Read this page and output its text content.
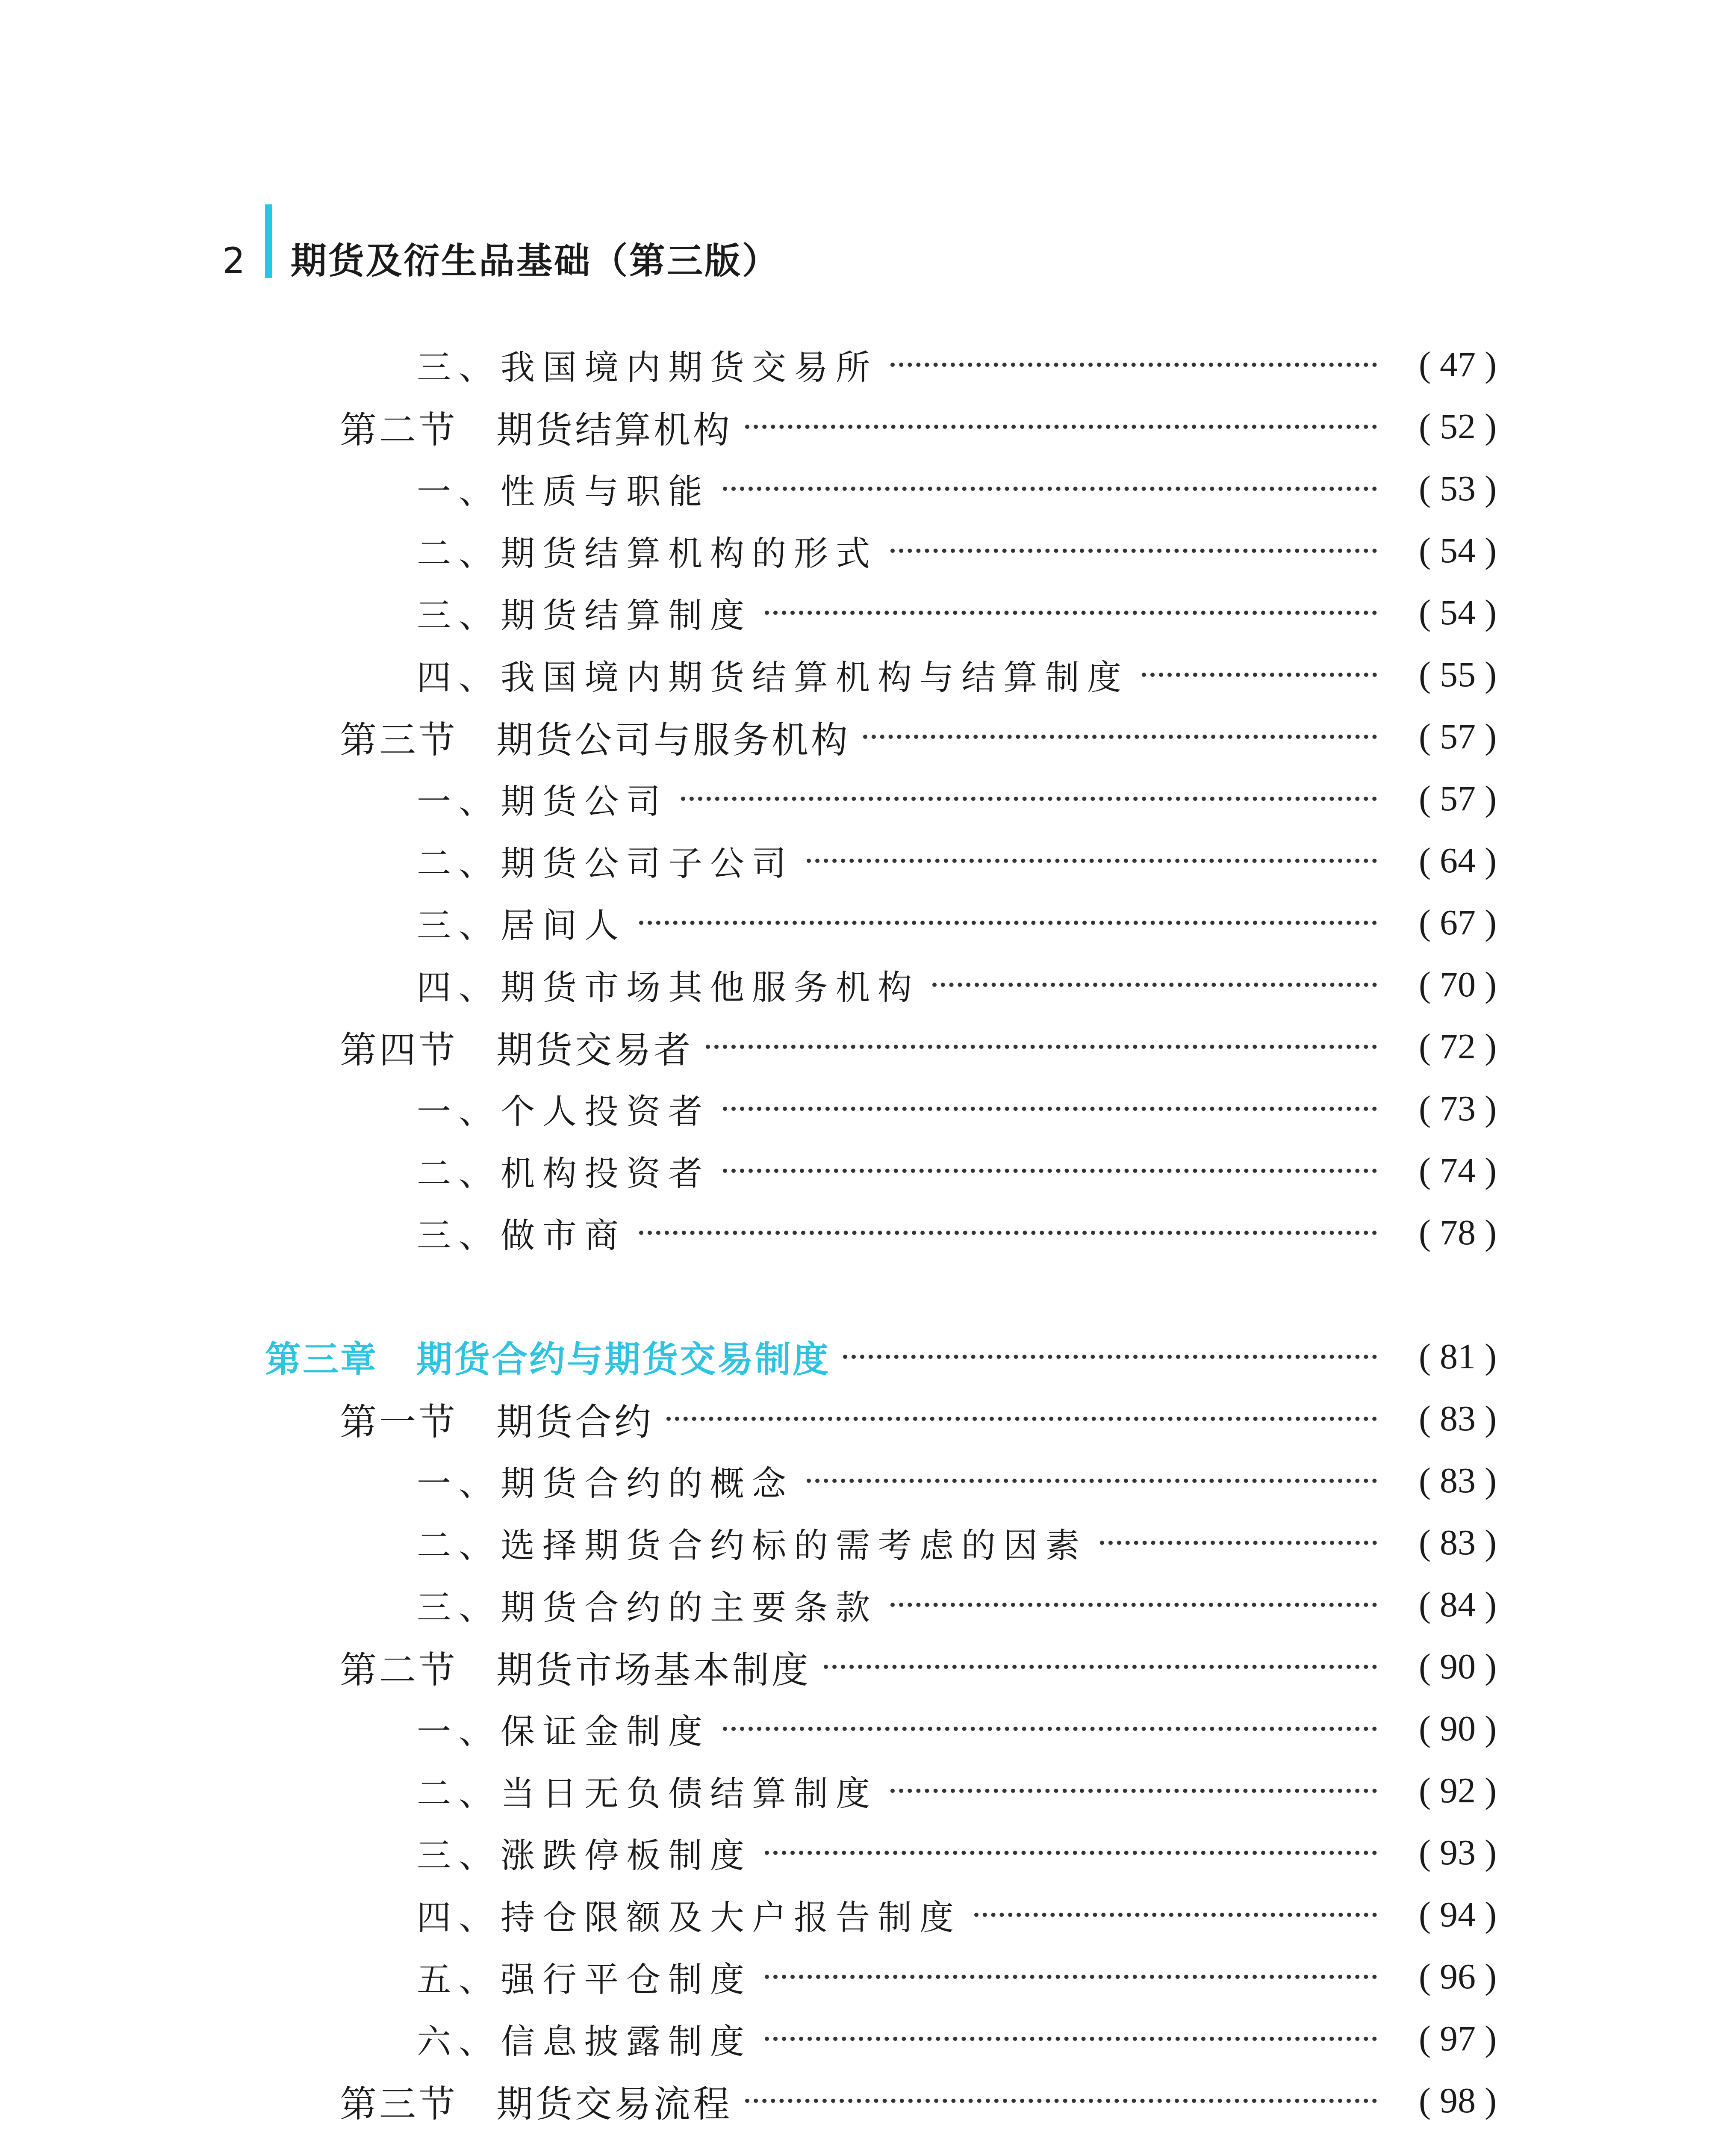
2 期货及衍生品基础（第三版）
三、我国境内期货交易所	( 47 )
第二节 期货结算机构	( 52 )
一、性质与职能	( 53 )
二、期货结算机构的形式	( 54 )
三、期货结算制度	( 54 )
四、我国境内期货结算机构与结算制度	( 55 )
第三节 期货公司与服务机构	( 57 )
一、期货公司	( 57 )
二、期货公司子公司	( 64 )
三、居间人	( 67 )
四、期货市场其他服务机构	( 70 )
第四节 期货交易者	( 72 )
一、个人投资者	( 73 )
二、机构投资者	( 74 )
三、做市商	( 78 )
第三章 期货合约与期货交易制度	( 81 )
第一节 期货合约	( 83 )
一、期货合约的概念	( 83 )
二、选择期货合约标的需考虑的因素	( 83 )
三、期货合约的主要条款	( 84 )
第二节 期货市场基本制度	( 90 )
一、保证金制度	( 90 )
二、当日无负债结算制度	( 92 )
三、涨跌停板制度	( 93 )
四、持仓限额及大户报告制度	( 94 )
五、强行平仓制度	( 96 )
六、信息披露制度	( 97 )
第三节 期货交易流程	( 98 )
